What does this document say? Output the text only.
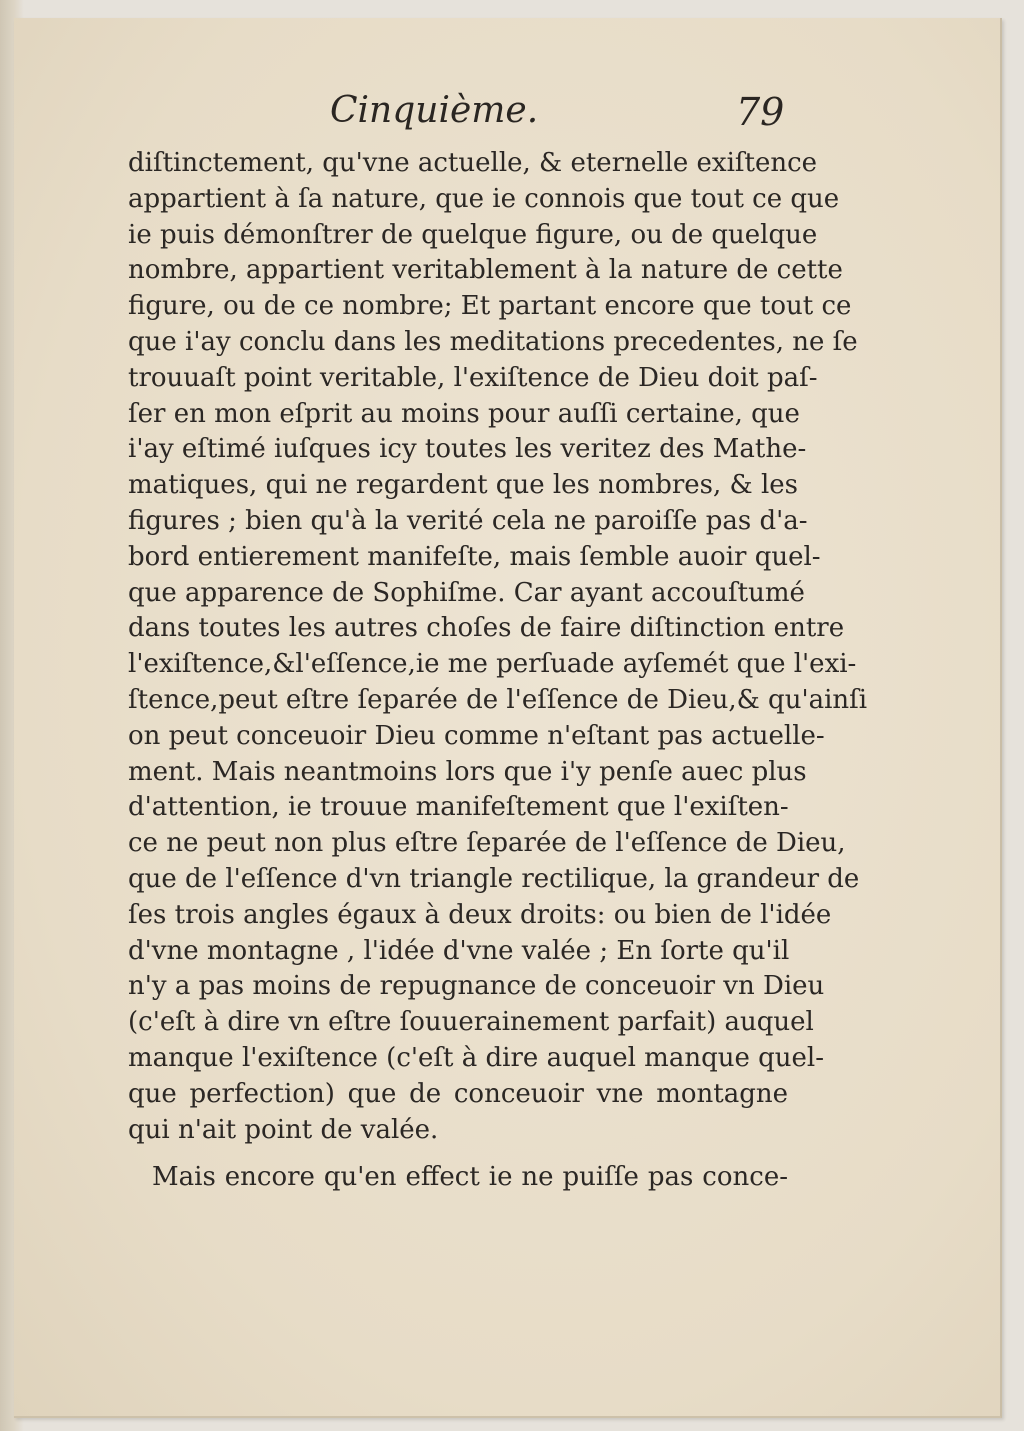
Cinquième.	79
diſtinctement, qu'vne actuelle, & eternelle exiſtence
appartient à ſa nature, que ie connois que tout ce que
ie puis démonſtrer de quelque figure, ou de quelque
nombre, appartient veritablement à la nature de cette
figure, ou de ce nombre; Et partant encore que tout ce
que i'ay conclu dans les meditations precedentes, ne ſe
trouuaſt point veritable, l'exiſtence de Dieu doit paſ-
ſer en mon eſprit au moins pour auſſi certaine, que
i'ay eſtimé iuſques icy toutes les veritez des Mathe-
matiques, qui ne regardent que les nombres, & les
figures ; bien qu'à la verité cela ne paroiſſe pas d'a-
bord entierement manifeſte, mais ſemble auoir quel-
que apparence de Sophiſme. Car ayant accouſtumé
dans toutes les autres choſes de faire diſtinction entre
l'exiſtence,&l'eſſence,ie me perſuade ayſemét que l'exi-
ſtence,peut eſtre ſeparée de l'eſſence de Dieu,& qu'ainſi
on peut conceuoir Dieu comme n'eſtant pas actuelle-
ment. Mais neantmoins lors que i'y penſe auec plus
d'attention, ie trouue manifeſtement que l'exiſten-
ce ne peut non plus eſtre ſeparée de l'eſſence de Dieu,
que de l'eſſence d'vn triangle rectilique, la grandeur de
ſes trois angles égaux à deux droits: ou bien de l'idée
d'vne montagne , l'idée d'vne valée ; En ſorte qu'il
n'y a pas moins de repugnance de conceuoir vn Dieu
(c'eſt à dire vn eſtre ſouuerainement parfait) auquel
manque l'exiſtence (c'eſt à dire auquel manque quel-
que perfection) que de conceuoir vne montagne
qui n'ait point de valée.
Mais encore qu'en effect ie ne puiſſe pas conce-
